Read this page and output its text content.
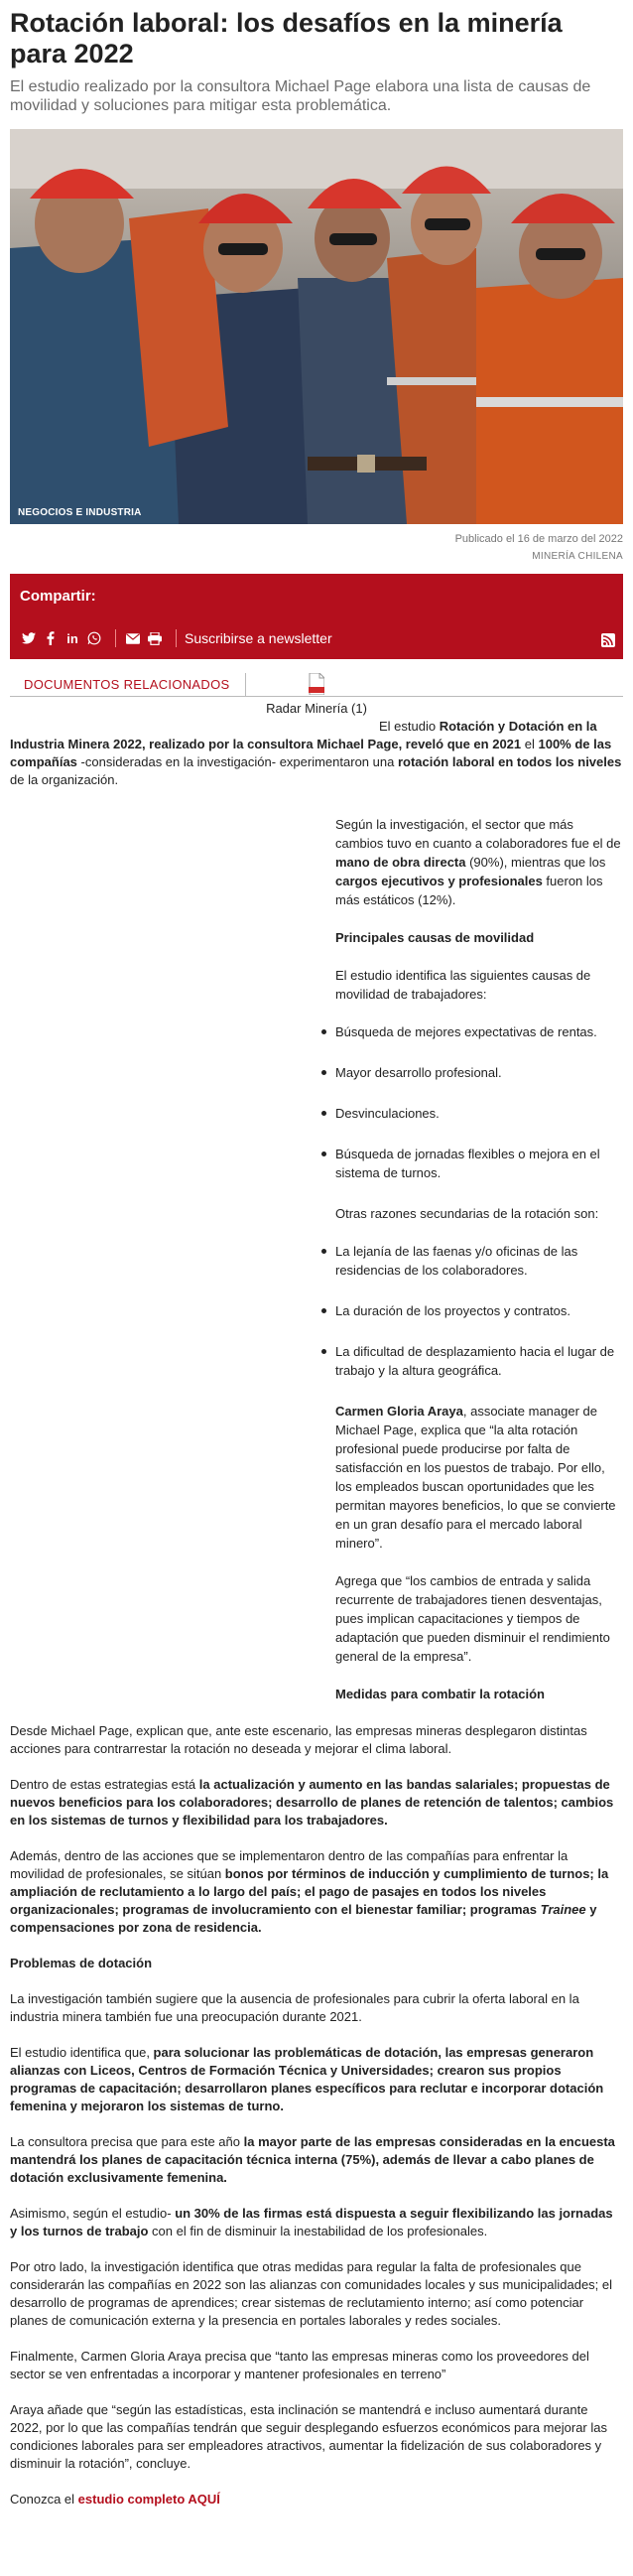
Rotación laboral: los desafíos en la minería para 2022

El estudio realizado por la consultora Michael Page elabora una lista de causas de movilidad y soluciones para mitigar esta problemática.

NEGOCIOS E INDUSTRIA
Publicado el 16 de marzo del 2022
MINERÍA CHILENA
Compartir:
in	Suscribirse a newsletter
DOCUMENTOS RELACIONADOS
Radar Minería (1)

El estudio Rotación y Dotación en la Industria Minera 2022, realizado por la consultora Michael Page, reveló que en 2021 el 100% de las compañías -consideradas en la investigación- experimentaron una rotación laboral en todos los niveles de la organización.

Según la investigación, el sector que más cambios tuvo en cuanto a colaboradores fue el de mano de obra directa (90%), mientras que los cargos ejecutivos y profesionales fueron los más estáticos (12%).

Principales causas de movilidad

El estudio identifica las siguientes causas de movilidad de trabajadores:

Búsqueda de mejores expectativas de rentas.
Mayor desarrollo profesional.
Desvinculaciones.
Búsqueda de jornadas flexibles o mejora en el sistema de turnos.

Otras razones secundarias de la rotación son:

La lejanía de las faenas y/o oficinas de las residencias de los colaboradores.
La duración de los proyectos y contratos.
La dificultad de desplazamiento hacia el lugar de trabajo y la altura geográfica.

Carmen Gloria Araya, associate manager de Michael Page, explica que “la alta rotación profesional puede producirse por falta de satisfacción en los puestos de trabajo. Por ello, los empleados buscan oportunidades que les permitan mayores beneficios, lo que se convierte en un gran desafío para el mercado laboral minero”.

Agrega que “los cambios de entrada y salida recurrente de trabajadores tienen desventajas, pues implican capacitaciones y tiempos de adaptación que pueden disminuir el rendimiento general de la empresa”.

Medidas para combatir la rotación

Desde Michael Page, explican que, ante este escenario, las empresas mineras desplegaron distintas acciones para contrarrestar la rotación no deseada y mejorar el clima laboral.

Dentro de estas estrategias está la actualización y aumento en las bandas salariales; propuestas de nuevos beneficios para los colaboradores; desarrollo de planes de retención de talentos; cambios en los sistemas de turnos y flexibilidad para los trabajadores.

Además, dentro de las acciones que se implementaron dentro de las compañías para enfrentar la movilidad de profesionales, se sitúan bonos por términos de inducción y cumplimiento de turnos; la ampliación de reclutamiento a lo largo del país; el pago de pasajes en todos los niveles organizacionales; programas de involucramiento con el bienestar familiar; programas Trainee y compensaciones por zona de residencia.

Problemas de dotación

La investigación también sugiere que la ausencia de profesionales para cubrir la oferta laboral en la industria minera también fue una preocupación durante 2021.

El estudio identifica que, para solucionar las problemáticas de dotación, las empresas generaron alianzas con Liceos, Centros de Formación Técnica y Universidades; crearon sus propios programas de capacitación; desarrollaron planes específicos para reclutar e incorporar dotación femenina y mejoraron los sistemas de turno.

La consultora precisa que para este año la mayor parte de las empresas consideradas en la encuesta mantendrá los planes de capacitación técnica interna (75%), además de llevar a cabo planes de dotación exclusivamente femenina.

Asimismo, según el estudio- un 30% de las firmas está dispuesta a seguir flexibilizando las jornadas y los turnos de trabajo con el fin de disminuir la inestabilidad de los profesionales.

Por otro lado, la investigación identifica que otras medidas para regular la falta de profesionales que considerarán las compañías en 2022 son las alianzas con comunidades locales y sus municipalidades; el desarrollo de programas de aprendices; crear sistemas de reclutamiento interno; así como potenciar planes de comunicación externa y la presencia en portales laborales y redes sociales.

Finalmente, Carmen Gloria Araya precisa que “tanto las empresas mineras como los proveedores del sector se ven enfrentadas a incorporar y mantener profesionales en terreno”

Araya añade que “según las estadísticas, esta inclinación se mantendrá e incluso aumentará durante 2022, por lo que las compañías tendrán que seguir desplegando esfuerzos económicos para mejorar las condiciones laborales para ser empleadores atractivos, aumentar la fidelización de sus colaboradores y disminuir la rotación”, concluye.

Conozca el estudio completo AQUÍ
